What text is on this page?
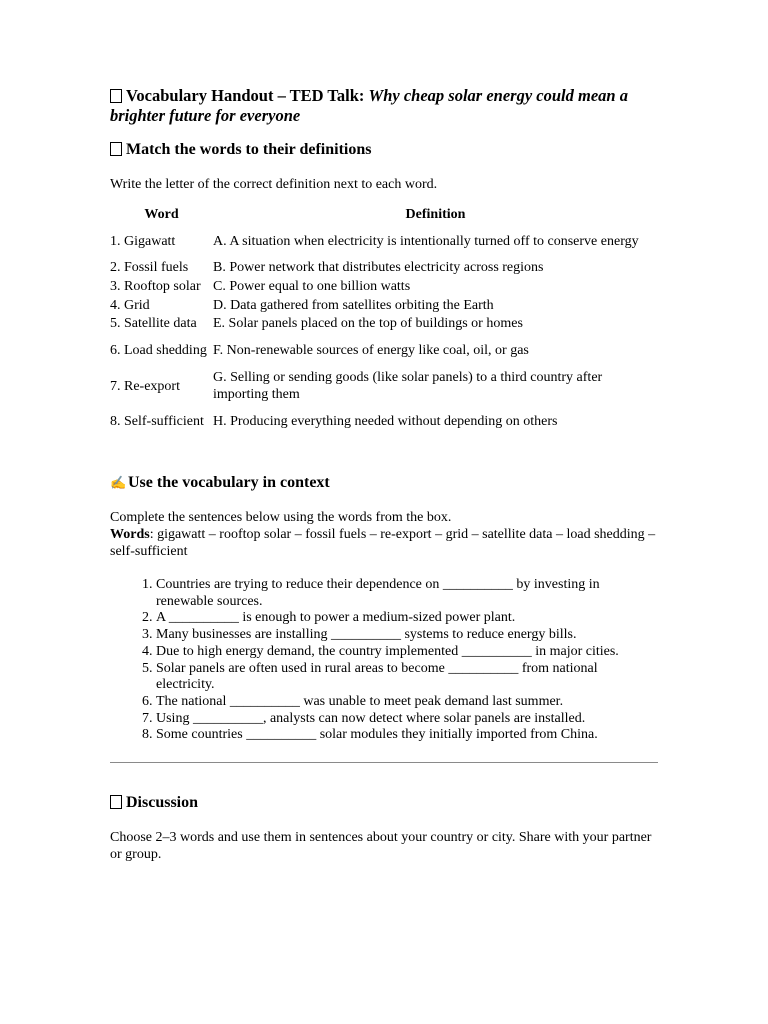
Vocabulary Handout – TED Talk: Why cheap solar energy could mean a brighter future for everyone
Match the words to their definitions

Write the letter of the correct definition next to each word.

Word	Definition
1. Gigawatt	A. A situation when electricity is intentionally turned off to conserve energy
2. Fossil fuels	B. Power network that distributes electricity across regions
3. Rooftop solar	C. Power equal to one billion watts
4. Grid	D. Data gathered from satellites orbiting the Earth
5. Satellite data	E. Solar panels placed on the top of buildings or homes
6. Load shedding	F. Non-renewable sources of energy like coal, oil, or gas
7. Re-export	G. Selling or sending goods (like solar panels) to a third country after importing them
8. Self-sufficient	H. Producing everything needed without depending on others
✍ Use the vocabulary in context

Complete the sentences below using the words from the box.

Words: gigawatt – rooftop solar – fossil fuels – re-export – grid – satellite data – load shedding – self-sufficient

1. Countries are trying to reduce their dependence on __________ by investing in renewable sources.
2. A __________ is enough to power a medium-sized power plant.
3. Many businesses are installing __________ systems to reduce energy bills.
4. Due to high energy demand, the country implemented __________ in major cities.
5. Solar panels are often used in rural areas to become __________ from national electricity.
6. The national __________ was unable to meet peak demand last summer.
7. Using __________, analysts can now detect where solar panels are installed.
8. Some countries __________ solar modules they initially imported from China.
Discussion

Choose 2–3 words and use them in sentences about your country or city. Share with your partner or group.
